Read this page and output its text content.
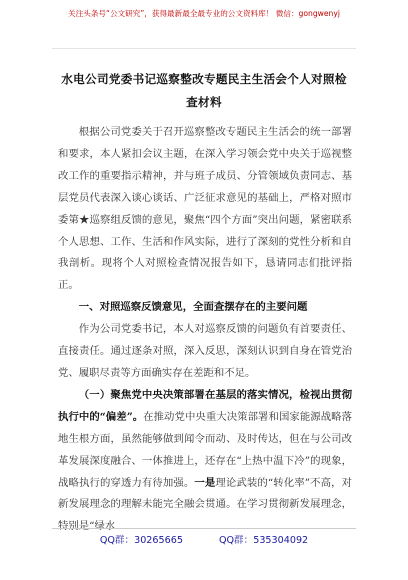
关注头条号“公文研究”，获得最新最全最专业的公文资料库！ 微信：gongwenyj
水电公司党委书记巡察整改专题民主生活会个人对照检查材料

根据公司党委关于召开巡察整改专题民主生活会的统一部署和要求，本人紧扣会议主题，在深入学习领会党中央关于巡视整改工作的重要指示精神，并与班子成员、分管领域负责同志、基层党员代表深入谈心谈话、广泛征求意见的基础上，严格对照市委第★巡察组反馈的意见，聚焦“四个方面”突出问题，紧密联系个人思想、工作、生活和作风实际，进行了深刻的党性分析和自我剖析。现将个人对照检查情况报告如下，恳请同志们批评指正。

一、对照巡察反馈意见，全面查摆存在的主要问题

作为公司党委书记，本人对巡察反馈的问题负有首要责任、直接责任。通过逐条对照，深入反思，深刻认识到自身在管党治党、履职尽责等方面确实存在差距和不足。

（一）聚焦党中央决策部署在基层的落实情况，检视出贯彻执行中的“偏差”。在推动党中央重大决策部署和国家能源战略落地生根方面，虽然能够做到闻令而动、及时传达，但在与公司改革发展深度融合、一体推进上，还存在“上热中温下冷”的现象，战略执行的穿透力有待加强。一是理论武装的“转化率”不高，对新发展理念的理解未能完全融会贯通。在学习贯彻新发展理念，特别是“绿水

QQ群：30265665	QQ群：535304092
